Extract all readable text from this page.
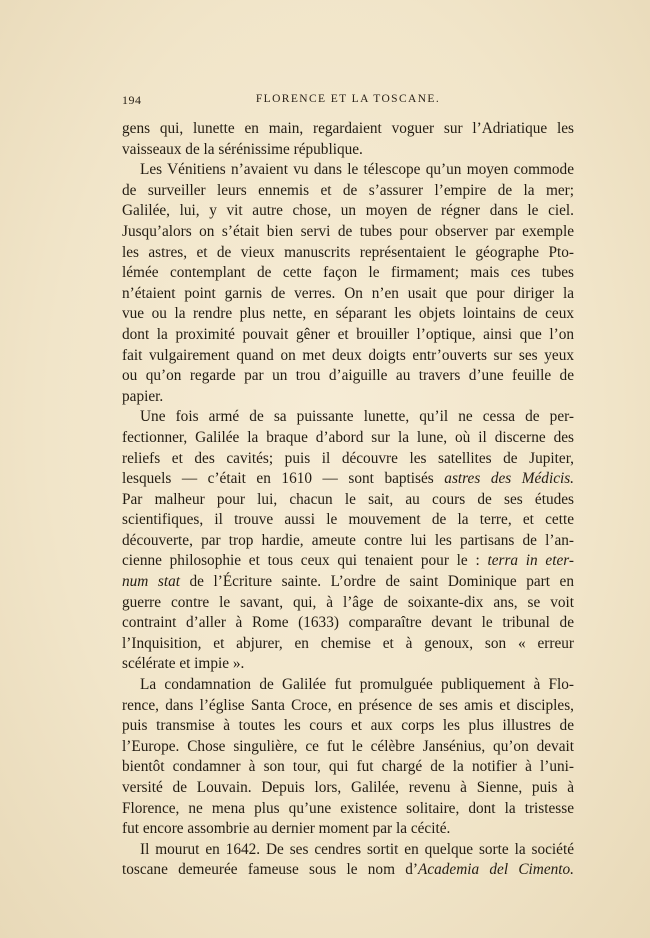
194	FLORENCE ET LA TOSCANE.

gens qui, lunette en main, regardaient voguer sur l’Adriatique les
vaisseaux de la sérénissime république.

Les Vénitiens n’avaient vu dans le télescope qu’un moyen commode
de surveiller leurs ennemis et de s’assurer l’empire de la mer;
Galilée, lui, y vit autre chose, un moyen de régner dans le ciel.
Jusqu’alors on s’était bien servi de tubes pour observer par exemple
les astres, et de vieux manuscrits représentaient le géographe Pto-
lémée contemplant de cette façon le firmament; mais ces tubes
n’étaient point garnis de verres. On n’en usait que pour diriger la
vue ou la rendre plus nette, en séparant les objets lointains de ceux
dont la proximité pouvait gêner et brouiller l’optique, ainsi que l’on
fait vulgairement quand on met deux doigts entr’ouverts sur ses yeux
ou qu’on regarde par un trou d’aiguille au travers d’une feuille de
papier.

Une fois armé de sa puissante lunette, qu’il ne cessa de per-
fectionner, Galilée la braque d’abord sur la lune, où il discerne des
reliefs et des cavités; puis il découvre les satellites de Jupiter,
lesquels — c’était en 1610 — sont baptisés astres des Médicis.
Par malheur pour lui, chacun le sait, au cours de ses études
scientifiques, il trouve aussi le mouvement de la terre, et cette
découverte, par trop hardie, ameute contre lui les partisans de l’an-
cienne philosophie et tous ceux qui tenaient pour le : terra in eter-
num stat de l’Écriture sainte. L’ordre de saint Dominique part en
guerre contre le savant, qui, à l’âge de soixante-dix ans, se voit
contraint d’aller à Rome (1633) comparaître devant le tribunal de
l’Inquisition, et abjurer, en chemise et à genoux, son « erreur
scélérate et impie ».

La condamnation de Galilée fut promulguée publiquement à Flo-
rence, dans l’église Santa Croce, en présence de ses amis et disciples,
puis transmise à toutes les cours et aux corps les plus illustres de
l’Europe. Chose singulière, ce fut le célèbre Jansénius, qu’on devait
bientôt condamner à son tour, qui fut chargé de la notifier à l’uni-
versité de Louvain. Depuis lors, Galilée, revenu à Sienne, puis à
Florence, ne mena plus qu’une existence solitaire, dont la tristesse
fut encore assombrie au dernier moment par la cécité.

Il mourut en 1642. De ses cendres sortit en quelque sorte la société
toscane demeurée fameuse sous le nom d’Academia del Cimento.
